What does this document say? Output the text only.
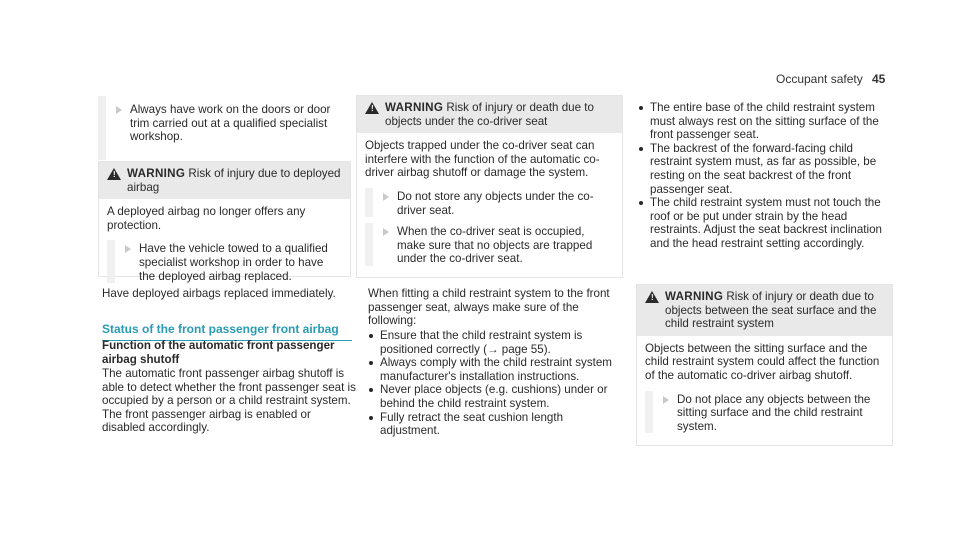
Occupant safety 45

Always have work on the doors or door trim carried out at a qualified specialist workshop.

! WARNING Risk of injury due to deployed airbag

A deployed airbag no longer offers any protection.

Have the vehicle towed to a qualified specialist workshop in order to have the deployed airbag replaced.

Have deployed airbags replaced immediately.

Status of the front passenger front airbag

Function of the automatic front passenger airbag shutoff

The automatic front passenger airbag shutoff is able to detect whether the front passenger seat is occupied by a person or a child restraint system. The front passenger airbag is enabled or disabled accordingly.

! WARNING Risk of injury or death due to objects under the co-driver seat

Objects trapped under the co-driver seat can interfere with the function of the automatic co-driver airbag shutoff or damage the system.

Do not store any objects under the co-driver seat.

When the co-driver seat is occupied, make sure that no objects are trapped under the co-driver seat.

When fitting a child restraint system to the front passenger seat, always make sure of the following:

Ensure that the child restraint system is positioned correctly (→ page 55).
Always comply with the child restraint system manufacturer's installation instructions.
Never place objects (e.g. cushions) under or behind the child restraint system.
Fully retract the seat cushion length adjustment.
The entire base of the child restraint system must always rest on the sitting surface of the front passenger seat.
The backrest of the forward-facing child restraint system must, as far as possible, be resting on the seat backrest of the front passenger seat.
The child restraint system must not touch the roof or be put under strain by the head restraints. Adjust the seat backrest inclination and the head restraint setting accordingly.
! WARNING Risk of injury or death due to objects between the seat surface and the child restraint system

Objects between the sitting surface and the child restraint system could affect the function of the automatic co-driver airbag shutoff.

Do not place any objects between the sitting surface and the child restraint system.
